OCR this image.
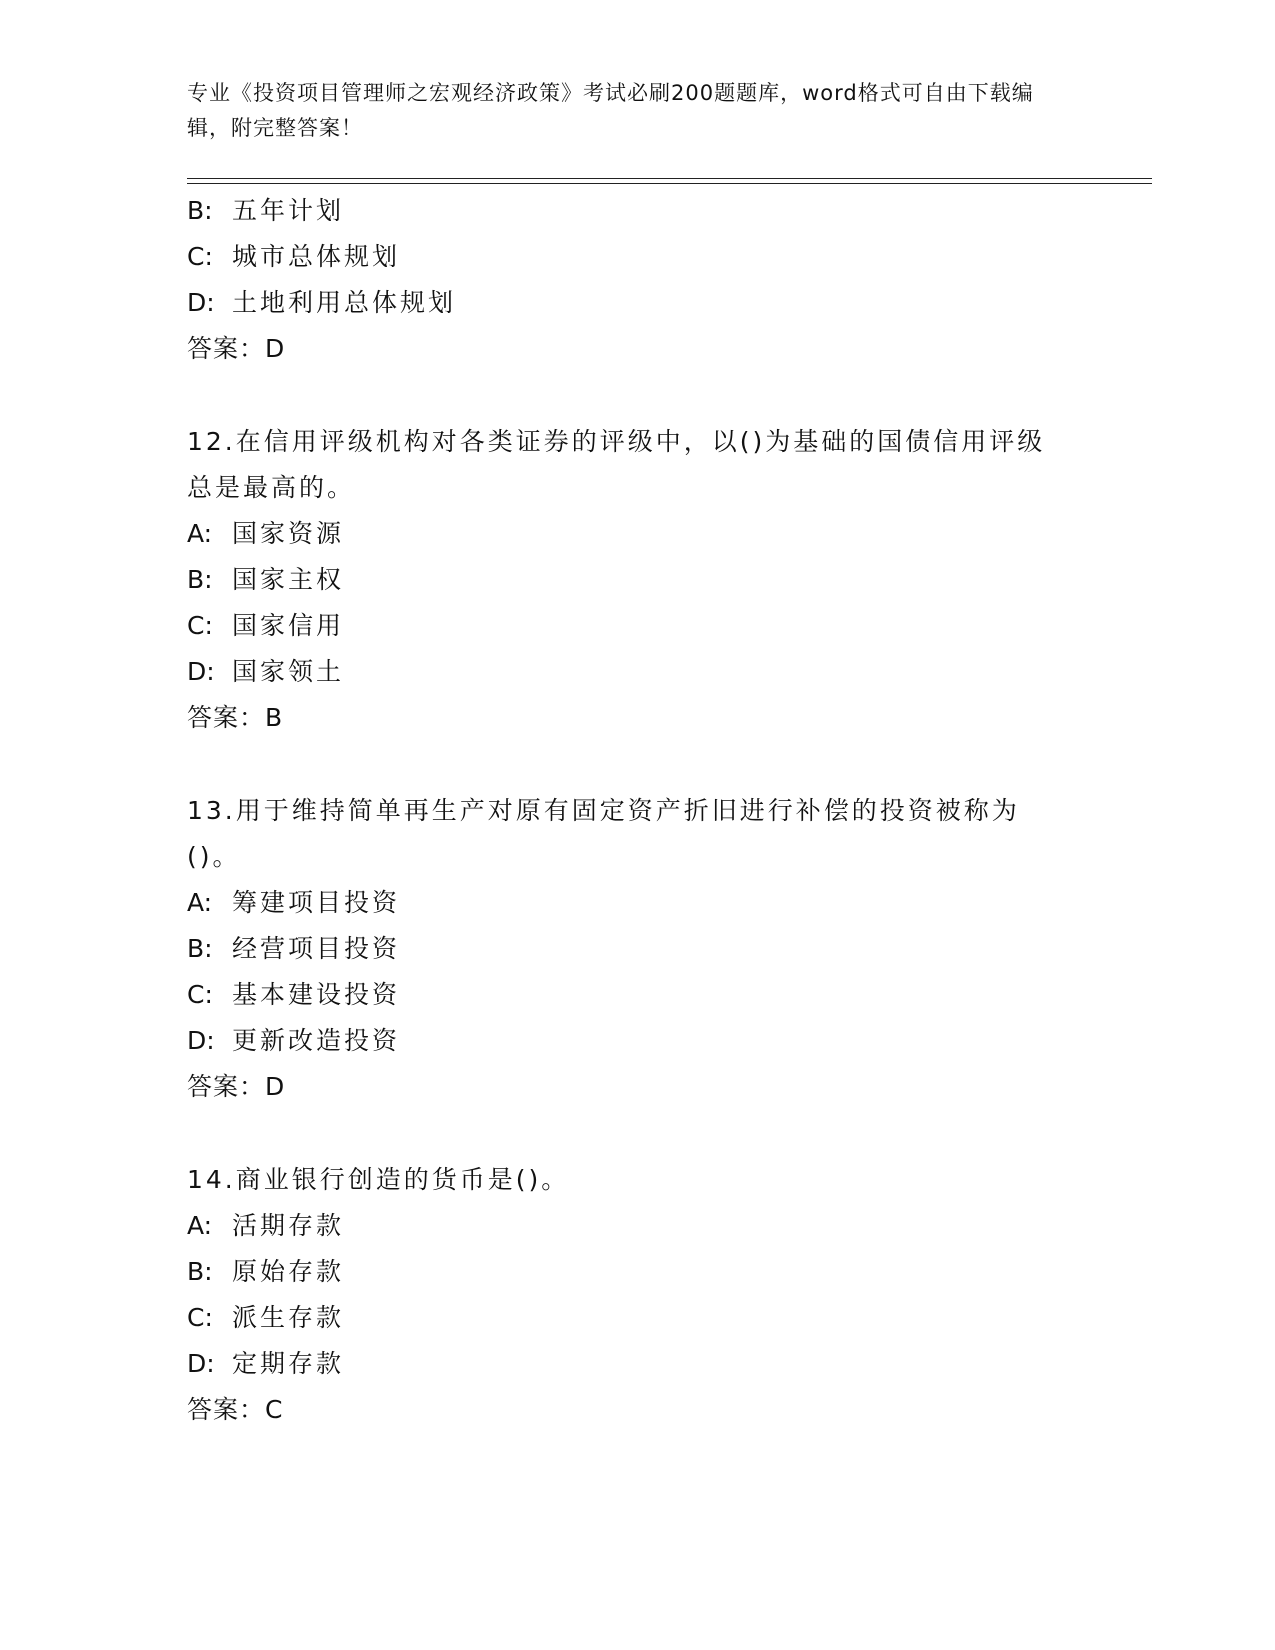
专业《投资项目管理师之宏观经济政策》考试必刷200题题库，word格式可自由下载编辑，附完整答案！

B: 五年计划

C: 城市总体规划

D: 土地利用总体规划

答案：D

12.在信用评级机构对各类证券的评级中，以()为基础的国债信用评级总是最高的。

A: 国家资源

B: 国家主权

C: 国家信用

D: 国家领土

答案：B

13.用于维持简单再生产对原有固定资产折旧进行补偿的投资被称为()。

A: 筹建项目投资

B: 经营项目投资

C: 基本建设投资

D: 更新改造投资

答案：D

14.商业银行创造的货币是()。

A: 活期存款

B: 原始存款

C: 派生存款

D: 定期存款

答案：C
